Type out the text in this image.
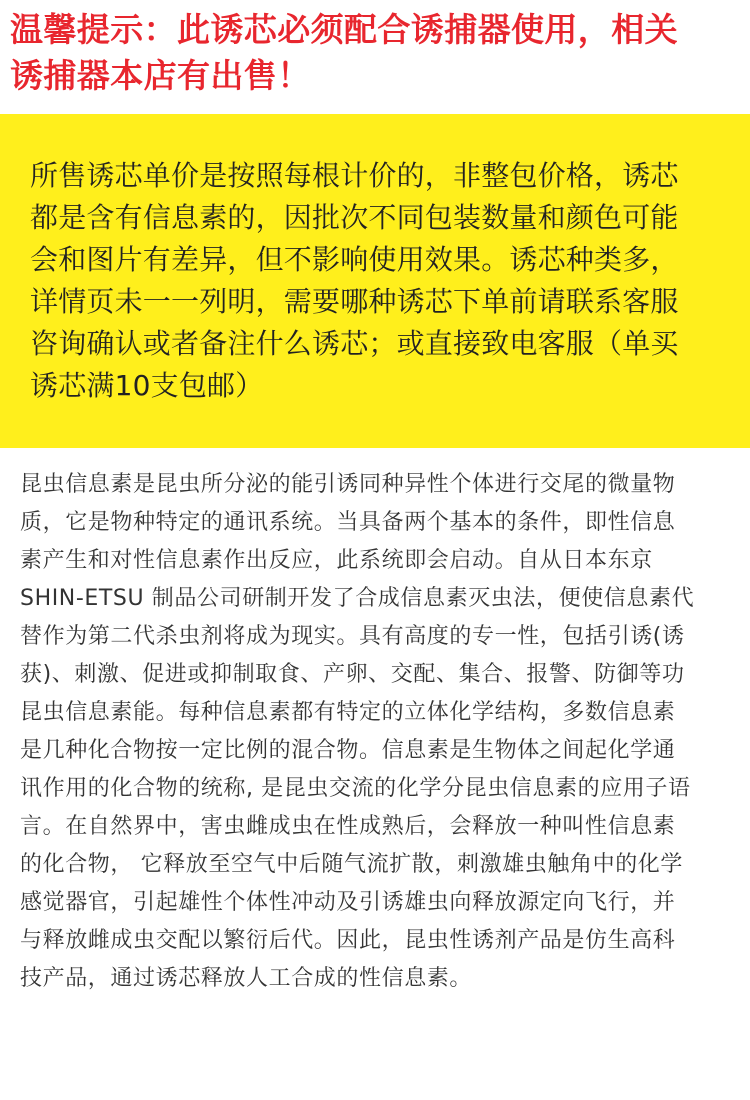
温馨提示：此诱芯必须配合诱捕器使用，相关
诱捕器本店有出售！
所售诱芯单价是按照每根计价的，非整包价格，诱芯
都是含有信息素的，因批次不同包装数量和颜色可能
会和图片有差异，但不影响使用效果。诱芯种类多，
详情页未一一列明，需要哪种诱芯下单前请联系客服
咨询确认或者备注什么诱芯；或直接致电客服（单买
诱芯满10支包邮）
昆虫信息素是昆虫所分泌的能引诱同种异性个体进行交尾的微量物
质，它是物种特定的通讯系统。当具备两个基本的条件，即性信息
素产生和对性信息素作出反应，此系统即会启动。自从日本东京
SHIN-ETSU 制品公司研制开发了合成信息素灭虫法，便使信息素代
替作为第二代杀虫剂将成为现实。具有高度的专一性，包括引诱(诱
获)、刺激、促进或抑制取食、产卵、交配、集合、报警、防御等功
昆虫信息素能。每种信息素都有特定的立体化学结构，多数信息素
是几种化合物按一定比例的混合物。信息素是生物体之间起化学通
讯作用的化合物的统称, 是昆虫交流的化学分昆虫信息素的应用子语
言。在自然界中，害虫雌成虫在性成熟后，会释放一种叫性信息素
的化合物， 它释放至空气中后随气流扩散，刺激雄虫触角中的化学
感觉器官，引起雄性个体性冲动及引诱雄虫向释放源定向飞行，并
与释放雌成虫交配以繁衍后代。因此，昆虫性诱剂产品是仿生高科
技产品，通过诱芯释放人工合成的性信息素。
